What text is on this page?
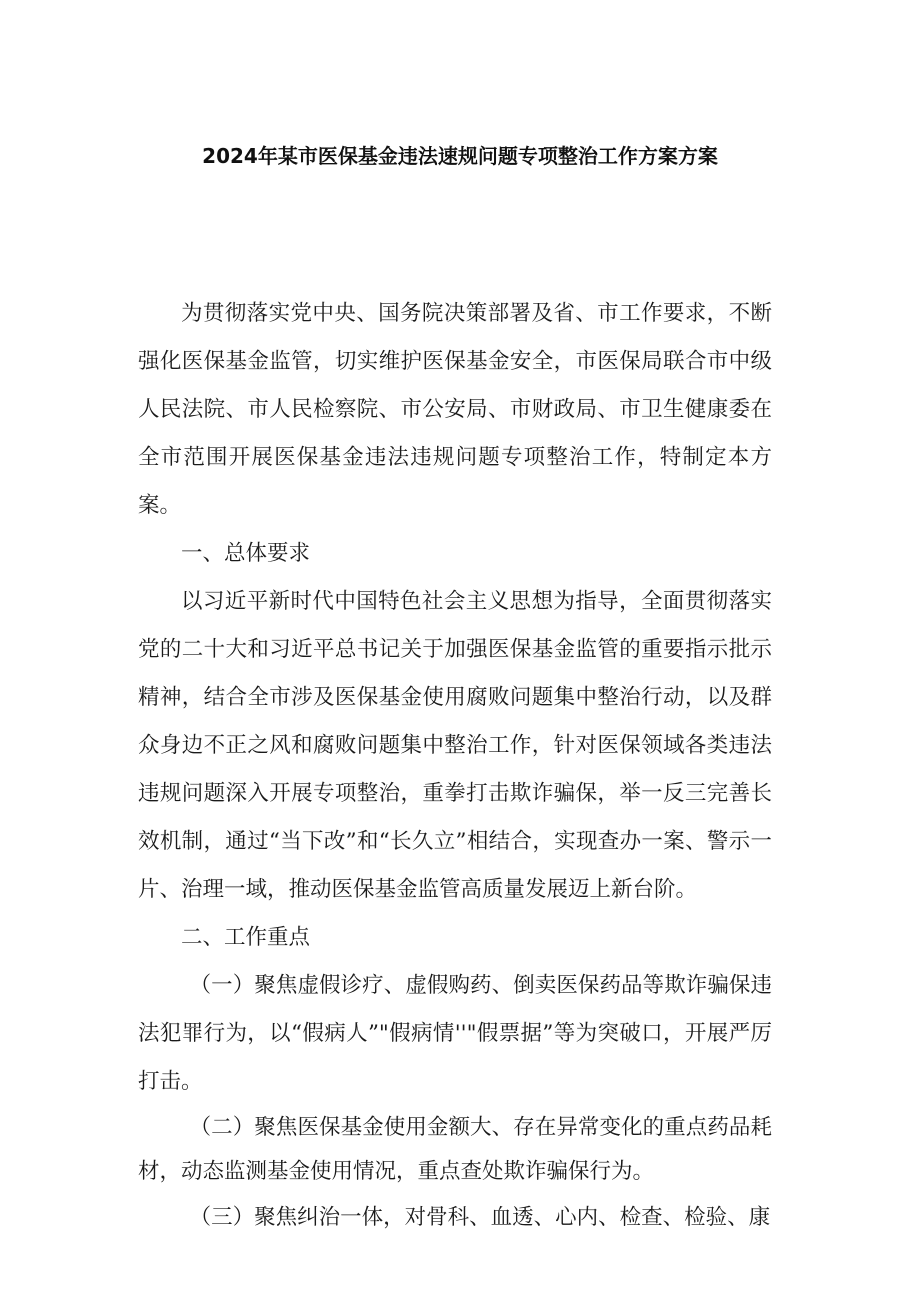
2024年某市医保基金违法速规问题专项整治工作方案方案

为贯彻落实党中央、国务院决策部署及省、市工作要求，不断强化医保基金监管，切实维护医保基金安全，市医保局联合市中级人民法院、市人民检察院、市公安局、市财政局、市卫生健康委在全市范围开展医保基金违法违规问题专项整治工作，特制定本方案。

一、总体要求

以习近平新时代中国特色社会主义思想为指导，全面贯彻落实党的二十大和习近平总书记关于加强医保基金监管的重要指示批示精神，结合全市涉及医保基金使用腐败问题集中整治行动，以及群众身边不正之风和腐败问题集中整治工作，针对医保领域各类违法违规问题深入开展专项整治，重拳打击欺诈骗保，举一反三完善长效机制，通过“当下改”和“长久立”相结合，实现查办一案、警示一片、治理一域，推动医保基金监管高质量发展迈上新台阶。

二、工作重点

（一）聚焦虚假诊疗、虚假购药、倒卖医保药品等欺诈骗保违法犯罪行为，以“假病人”"假病情''"假票据”等为突破口，开展严厉打击。

（二）聚焦医保基金使用金额大、存在异常变化的重点药品耗材，动态监测基金使用情况，重点查处欺诈骗保行为。

（三）聚焦纠治一体，对骨科、血透、心内、检查、检验、康
